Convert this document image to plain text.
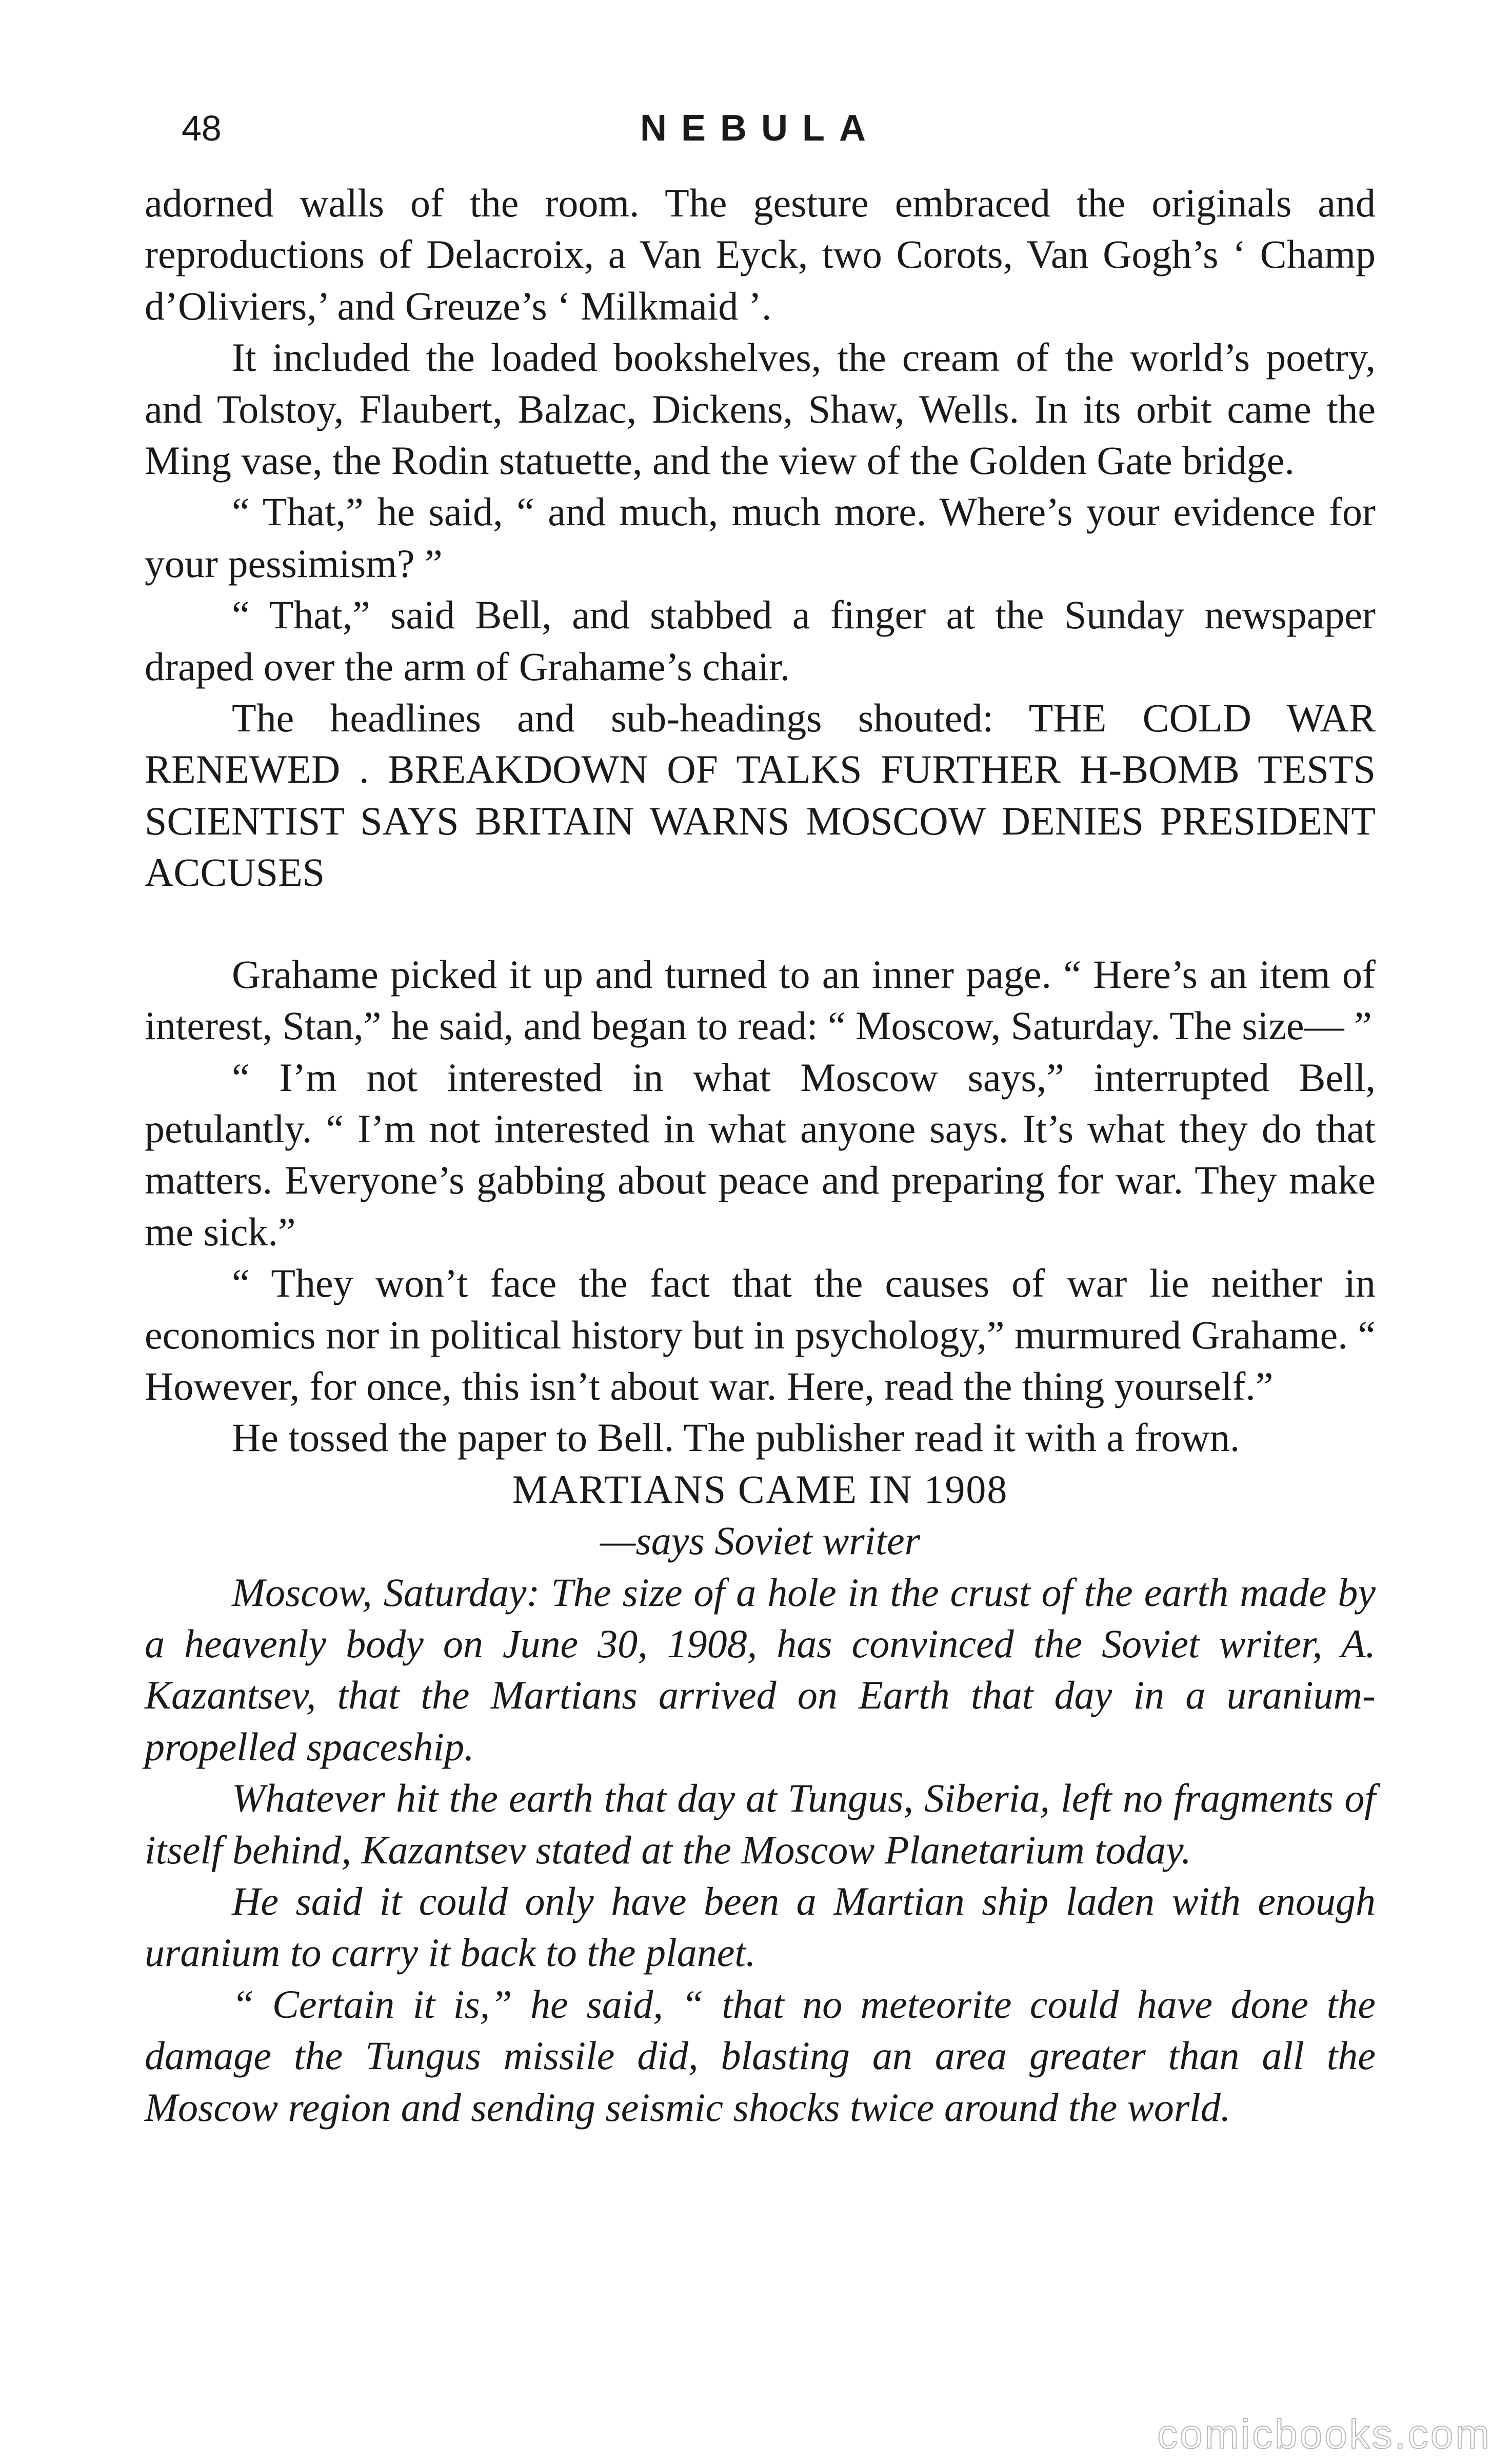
48	NEBULA

adorned walls of the room. The gesture embraced the originals and reproductions of Delacroix, a Van Eyck, two Corots, Van Gogh’s ‘ Champ d’Oliviers,’ and Greuze’s ‘ Milkmaid ’.

It included the loaded bookshelves, the cream of the world’s poetry, and Tolstoy, Flaubert, Balzac, Dickens, Shaw, Wells. In its orbit came the Ming vase, the Rodin statuette, and the view of the Golden Gate bridge.

“ That,” he said, “ and much, much more. Where’s your evidence for your pessimism? ”

“ That,” said Bell, and stabbed a finger at the Sunday newspaper draped over the arm of Grahame’s chair.

The headlines and sub-headings shouted: THE COLD WAR RENEWED . BREAKDOWN OF TALKS FURTHER H-BOMB TESTS SCIENTIST SAYS BRITAIN WARNS MOSCOW DENIES PRESIDENT ACCUSES

Grahame picked it up and turned to an inner page. “ Here’s an item of interest, Stan,” he said, and began to read: “ Moscow, Saturday. The size— ”

“ I’m not interested in what Moscow says,” interrupted Bell, petulantly. “ I’m not interested in what anyone says. It’s what they do that matters. Everyone’s gabbing about peace and preparing for war. They make me sick.”

“ They won’t face the fact that the causes of war lie neither in economics nor in political history but in psychology,” murmured Grahame. “ However, for once, this isn’t about war. Here, read the thing yourself.”

He tossed the paper to Bell. The publisher read it with a frown.

MARTIANS CAME IN 1908

—says Soviet writer

Moscow, Saturday: The size of a hole in the crust of the earth made by a heavenly body on June 30, 1908, has convinced the Soviet writer, A. Kazantsev, that the Martians arrived on Earth that day in a uranium-propelled spaceship.

Whatever hit the earth that day at Tungus, Siberia, left no fragments of itself behind, Kazantsev stated at the Moscow Planetarium today.

He said it could only have been a Martian ship laden with enough uranium to carry it back to the planet.

“ Certain it is,” he said, “ that no meteorite could have done the damage the Tungus missile did, blasting an area greater than all the Moscow region and sending seismic shocks twice around the world.

comicbooks.com
